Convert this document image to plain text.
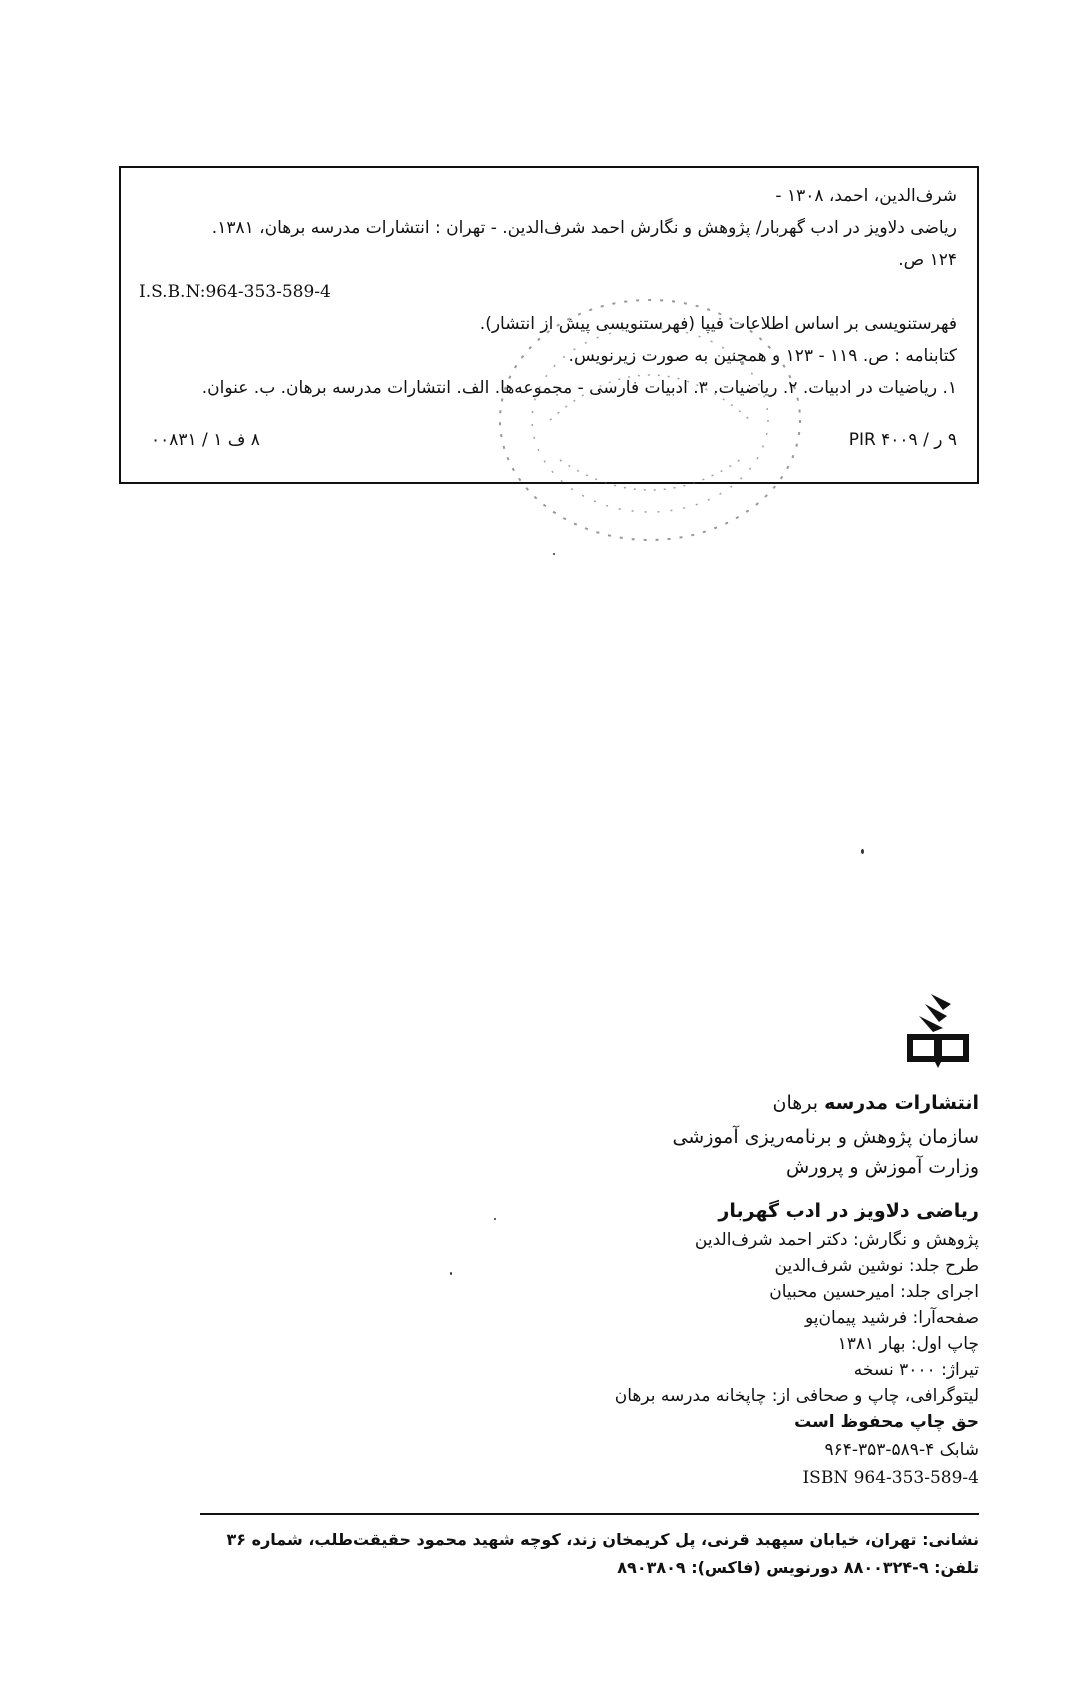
شرف‌الدین، احمد، ۱۳۰۸ -
ریاضی دلاویز در ادب گهربار/ پژوهش و نگارش احمد شرف‌الدین. - تهران : انتشارات مدرسه برهان، ۱۳۸۱.
۱۲۴ ص.
I.S.B.N:964-353-589-4
فهرستنویسی بر اساس اطلاعات فیپا (فهرستنویسی پیش از انتشار).
کتابنامه : ص. ۱۱۹ - ۱۲۳ و همچنین به صورت زیرنویس.
۱. ریاضیات در ادبیات. ۲. ریاضیات. ۳. ادبیات فارسی - مجموعه‌ها. الف. انتشارات مدرسه برهان. ب. عنوان.
۹ ر / PIR ۴۰۰۹
۸ ف ۱ / ۰۰۸۳۱
انتشارات مدرسه برهان
سازمان پژوهش و برنامه‌ریزی آموزشی
وزارت آموزش و پرورش
ریاضی دلاویز در ادب گهربار
پژوهش و نگارش: دکتر احمد شرف‌الدین
طرح جلد: نوشین شرف‌الدین
اجرای جلد: امیرحسین محبیان
صفحه‌آرا: فرشید پیمان‌پو
چاپ اول: بهار ۱۳۸۱
تیراژ: ۳۰۰۰ نسخه
لیتوگرافی، چاپ و صحافی از: چاپخانه مدرسه برهان
حق چاپ محفوظ است
شابک ۴-۵۸۹-۳۵۳-۹۶۴
ISBN 964-353-589-4
نشانی: تهران، خیابان سپهبد قرنی، پل کریمخان زند، کوچه شهید محمود حقیقت‌طلب، شماره ۳۶
تلفن: ۹-۸۸۰۰۳۲۴ دورنویس (فاکس): ۸۹۰۳۸۰۹
